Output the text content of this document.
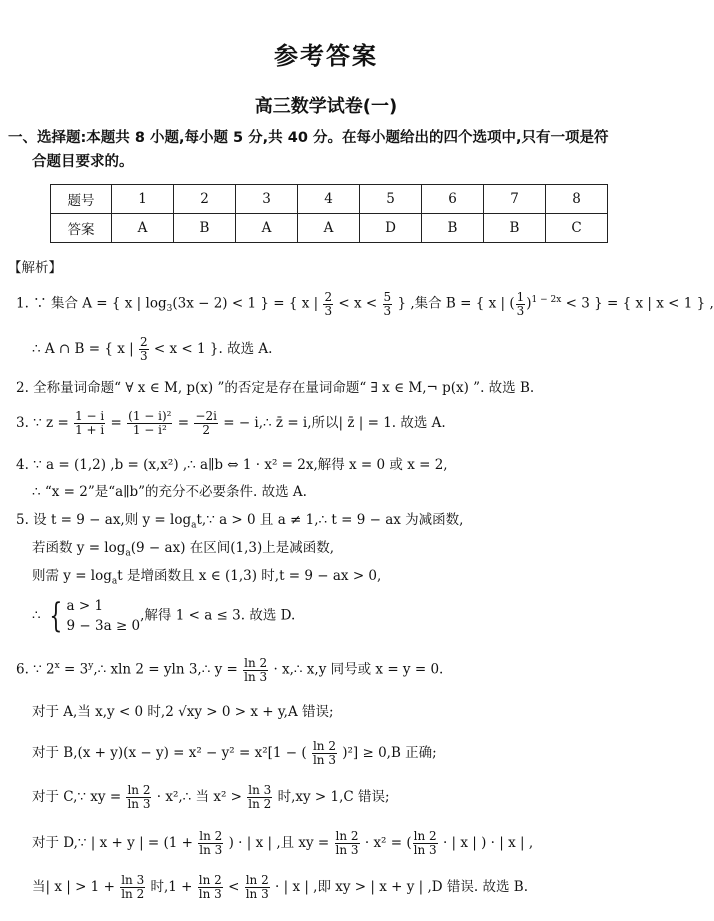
参考答案
高三数学试卷(一)
一、选择题:本题共 8 小题,每小题 5 分,共 40 分。在每小题给出的四个选项中,只有一项是符
合题目要求的。
题号	1	2	3	4	5	6	7	8
答案	A	B	A	A	D	B	B	C
【解析】
1. ∵ 集合 A = { x | $\log_3(3x - 2) < 1$ } = { x | $\frac{2}{3} < x < \frac{5}{3}$ } ,集合 B = { x | ( $\frac{1}{3} )^{1 - 2x} < 3$ } = { x | x < 1 } ,
∴ A ∩ B = { x | $\frac{2}{3} < x < 1$ }. 故选 A.
2. 全称量词命题“ ∀ x ∈ M, p(x) ”的否定是存在量词命题“ ∃ x ∈ M,¬ p(x) ”. 故选 B.
3. ∵ $z = \frac{1 - i}{1 + i} = \frac{\text{(1 − i)²}}{\text{1 − i²}} = \frac{-2i}{2}$ = − i,∴ z̄ = i,所以| z̄ | = 1. 故选 A.
4. ∵ a = (1,2) ,b = (x,x²) ,∴ a∥b ⇔ 1 · x² = 2x,解得 x = 0 或 x = 2,
∴ “x = 2”是“a∥b”的充分不必要条件. 故选 A.
5. 设 t = 9 − ax,则 $y = \log_at,\because$ a > 0 且 a ≠ 1,∴ t = 9 − ax 为减函数,
若函数 $y = \log_a(9 - ax)$ 在区间(1,3)上是减函数,
则需 $y = \log_at$ 是增函数且 x ∈ (1,3) 时,t = 9 − ax > 0,
∴ { a > 1
9 − 3a ≥ 0
,解得 1 < a ≤ 3. 故选 D.
6. ∵ $2^x$ = $3^y,\therefore$ xln 2 = yln 3,∴ $y = \frac{\ln 2}{\ln 3}$ · x,∴ x,y 同号或 x = y = 0.
对于 A,当 x,y < 0 时,2 √xy > 0 > x + y,A 错误;
对于 B,(x + y)(x − y) = x² − y² = x²[1 − ( $\frac{\ln 2}{\ln 3} )^2] \ge 0,B$ 正确;
对于 C,∵ xy = $\frac{\ln 2}{\ln 3}$ · x²,∴ 当 $x^2 > \frac{\ln 3}{\ln 2}$ 时,xy > 1,C 错误;
对于 D,∵ | x + y | = ($1 + \frac{\ln 2}{\ln 3}$ ) · | x | ,且 xy = $\frac{\ln 2}{\ln 3} \cdot x^2$ = ( $\frac{\ln 2}{\ln 3}$ · | x | ) · | x | ,
当| x | > $1 + \frac{\ln 3}{\ln 2}$ 时$,1 + \frac{\ln 2}{\ln 3} < \frac{\ln 2}{\ln 3}$ · | x | ,即 xy > | x + y | ,D 错误. 故选 B.
